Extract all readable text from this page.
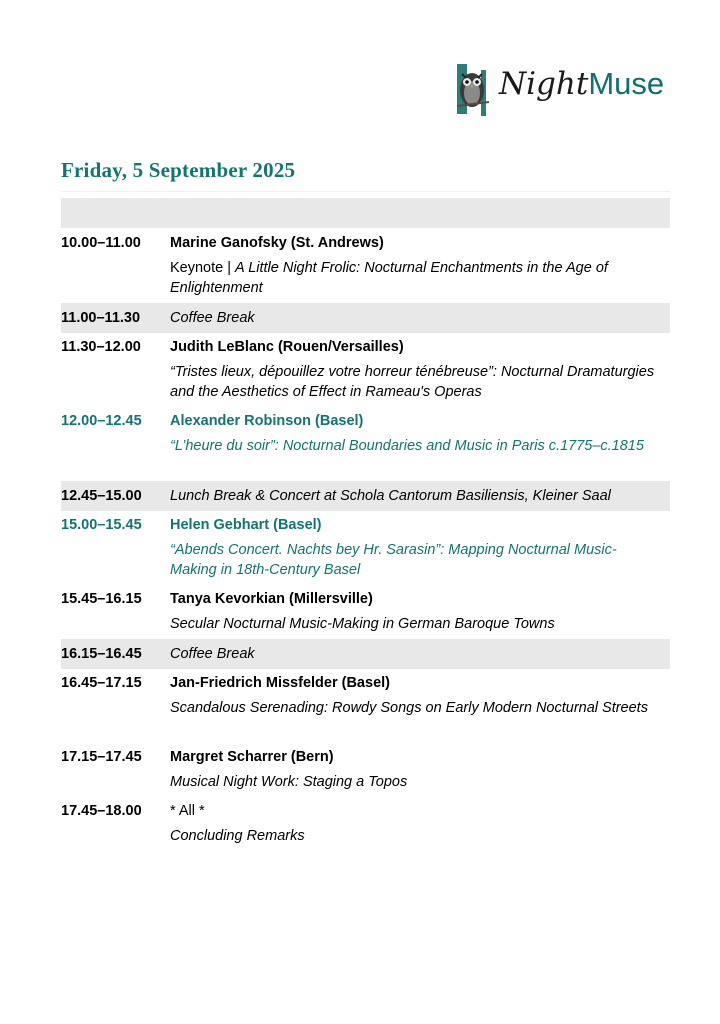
NightMuse
Friday, 5 September 2025
10.00–11.00	Marine Ganofsky (St. Andrews)
Keynote | A Little Night Frolic: Nocturnal Enchantments in the Age of Enlightenment
11.00–11.30	Coffee Break
11.30–12.00	Judith LeBlanc (Rouen/Versailles)
“Tristes lieux, dépouillez votre horreur ténébreuse”: Nocturnal Dramaturgies and the Aesthetics of Effect in Rameau's Operas
12.00–12.45	Alexander Robinson (Basel)
“L’heure du soir”: Nocturnal Boundaries and Music in Paris c.1775–c.1815
12.45–15.00	Lunch Break & Concert at Schola Cantorum Basiliensis, Kleiner Saal
15.00–15.45	Helen Gebhart (Basel)
“Abends Concert. Nachts bey Hr. Sarasin”: Mapping Nocturnal Music-Making in 18th-Century Basel
15.45–16.15	Tanya Kevorkian (Millersville)
Secular Nocturnal Music-Making in German Baroque Towns
16.15–16.45	Coffee Break
16.45–17.15	Jan-Friedrich Missfelder (Basel)
Scandalous Serenading: Rowdy Songs on Early Modern Nocturnal Streets
17.15–17.45	Margret Scharrer (Bern)
Musical Night Work: Staging a Topos
17.45–18.00	* All *
Concluding Remarks
